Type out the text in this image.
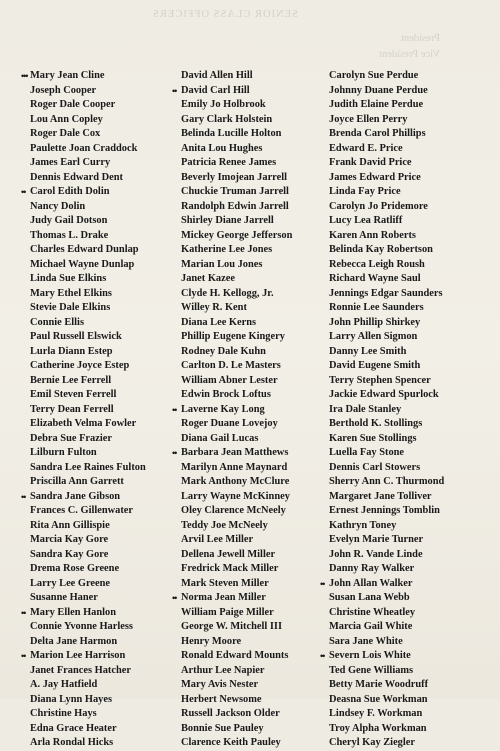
SENIOR CLASS OFFICERS
President
Vice President
••• Mary Jean Cline
Joseph Cooper
Roger Dale Cooper
Lou Ann Copley
Roger Dale Cox
Paulette Joan Craddock
James Earl Curry
Dennis Edward Dent
•• Carol Edith Dolin
Nancy Dolin
Judy Gail Dotson
Thomas L. Drake
Charles Edward Dunlap
Michael Wayne Dunlap
Linda Sue Elkins
Mary Ethel Elkins
Stevie Dale Elkins
Connie Ellis
Paul Russell Elswick
Lurla Diann Estep
Catherine Joyce Estep
Bernie Lee Ferrell
Emil Steven Ferrell
Terry Dean Ferrell
Elizabeth Velma Fowler
Debra Sue Frazier
Lilburn Fulton
Sandra Lee Raines Fulton
Priscilla Ann Garrett
•• Sandra Jane Gibson
Frances C. Gillenwater
Rita Ann Gillispie
Marcia Kay Gore
Sandra Kay Gore
Drema Rose Greene
Larry Lee Greene
Susanne Haner
•• Mary Ellen Hanlon
Connie Yvonne Harless
Delta Jane Harmon
•• Marion Lee Harrison
Janet Frances Hatcher
A. Jay Hatfield
Diana Lynn Hayes
Christine Hays
Edna Grace Heater
Arla Rondal Hicks
David Allen Hill
•• David Carl Hill
Emily Jo Holbrook
Gary Clark Holstein
Belinda Lucille Holton
Anita Lou Hughes
Patricia Renee James
Beverly Imojean Jarrell
Chuckie Truman Jarrell
Randolph Edwin Jarrell
Shirley Diane Jarrell
Mickey George Jefferson
Katherine Lee Jones
Marian Lou Jones
Janet Kazee
Clyde H. Kellogg, Jr.
Willey R. Kent
Diana Lee Kerns
Phillip Eugene Kingery
Rodney Dale Kuhn
Carlton D. Le Masters
William Abner Lester
Edwin Brock Loftus
•• Laverne Kay Long
Roger Duane Lovejoy
Diana Gail Lucas
•• Barbara Jean Matthews
Marilyn Anne Maynard
Mark Anthony McClure
Larry Wayne McKinney
Oley Clarence McNeely
Teddy Joe McNeely
Arvil Lee Miller
Dellena Jewell Miller
Fredrick Mack Miller
Mark Steven Miller
•• Norma Jean Miller
William Paige Miller
George W. Mitchell III
Henry Moore
Ronald Edward Mounts
Arthur Lee Napier
Mary Avis Nester
Herbert Newsome
Russell Jackson Older
Bonnie Sue Pauley
Clarence Keith Pauley
Carolyn Sue Perdue
Johnny Duane Perdue
Judith Elaine Perdue
Joyce Ellen Perry
Brenda Carol Phillips
Edward E. Price
Frank David Price
James Edward Price
Linda Fay Price
Carolyn Jo Pridemore
Lucy Lea Ratliff
Karen Ann Roberts
Belinda Kay Robertson
Rebecca Leigh Roush
Richard Wayne Saul
Jennings Edgar Saunders
Ronnie Lee Saunders
John Phillip Shirkey
Larry Allen Sigmon
Danny Lee Smith
David Eugene Smith
Terry Stephen Spencer
Jackie Edward Spurlock
Ira Dale Stanley
Berthold K. Stollings
Karen Sue Stollings
Luella Fay Stone
Dennis Carl Stowers
Sherry Ann C. Thurmond
Margaret Jane Tolliver
Ernest Jennings Tomblin
Kathryn Toney
Evelyn Marie Turner
John R. Vande Linde
Danny Ray Walker
•• John Allan Walker
Susan Lana Webb
Christine Wheatley
Marcia Gail White
Sara Jane White
•• Severn Lois White
Ted Gene Williams
Betty Marie Woodruff
Deasna Sue Workman
Lindsey F. Workman
Troy Alpha Workman
Cheryl Kay Ziegler
